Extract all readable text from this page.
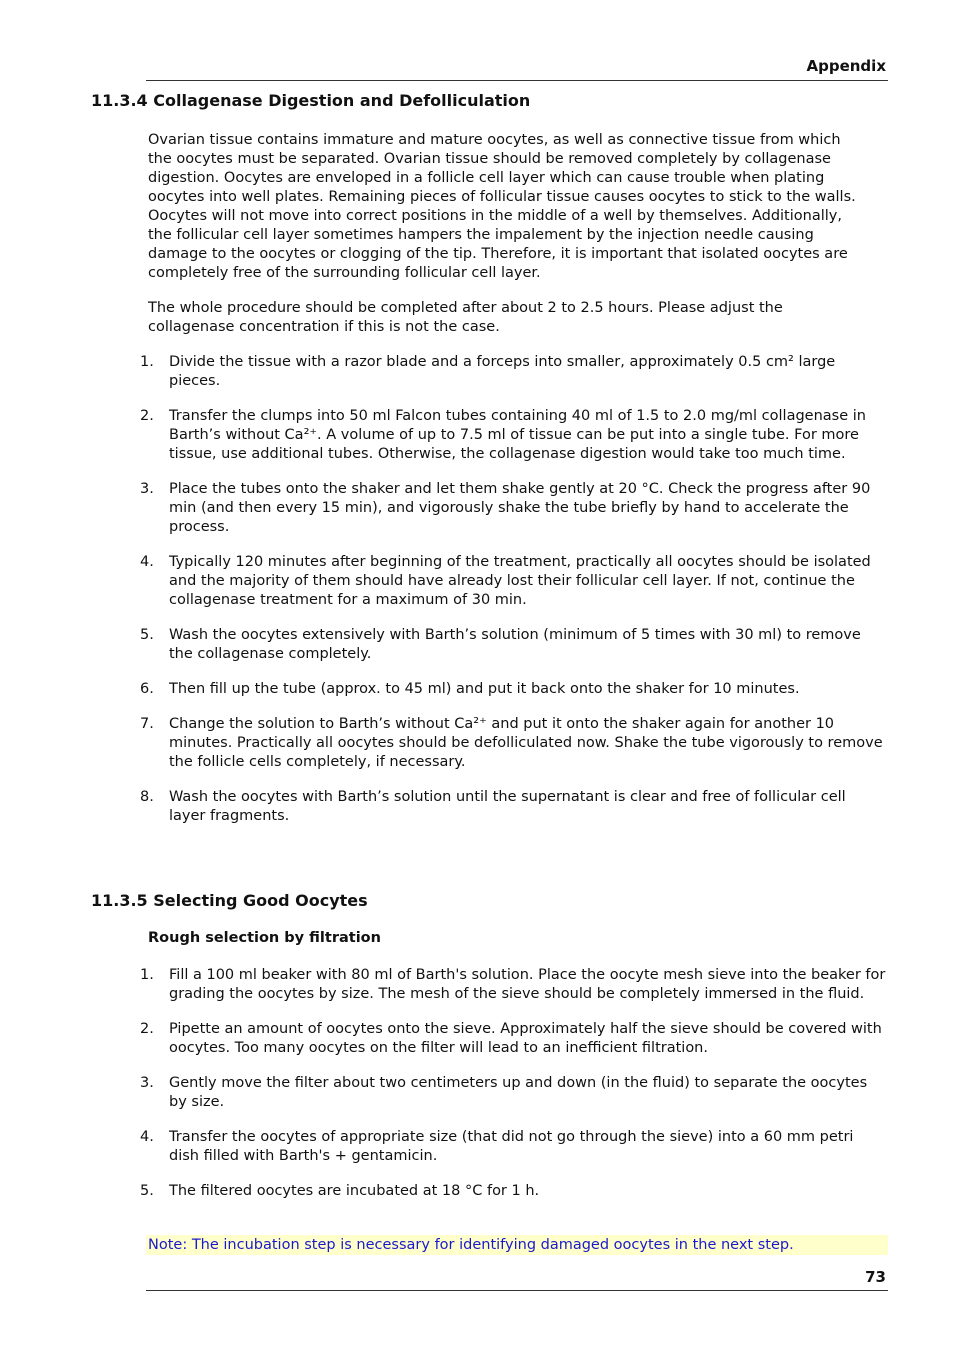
Appendix
11.3.4 Collagenase Digestion and Defolliculation

Ovarian tissue contains immature and mature oocytes, as well as connective tissue from which the oocytes must be separated. Ovarian tissue should be removed completely by collagenase digestion. Oocytes are enveloped in a follicle cell layer which can cause trouble when plating oocytes into well plates. Remaining pieces of follicular tissue causes oocytes to stick to the walls. Oocytes will not move into correct positions in the middle of a well by themselves. Additionally, the follicular cell layer sometimes hampers the impalement by the injection needle causing damage to the oocytes or clogging of the tip. Therefore, it is important that isolated oocytes are completely free of the surrounding follicular cell layer.

The whole procedure should be completed after about 2 to 2.5 hours. Please adjust the collagenase concentration if this is not the case.

1. Divide the tissue with a razor blade and a forceps into smaller, approximately 0.5 cm² large pieces.
2. Transfer the clumps into 50 ml Falcon tubes containing 40 ml of 1.5 to 2.0 mg/ml collagenase in Barth’s without Ca²⁺. A volume of up to 7.5 ml of tissue can be put into a single tube. For more tissue, use additional tubes. Otherwise, the collagenase digestion would take too much time.
3. Place the tubes onto the shaker and let them shake gently at 20 °C. Check the progress after 90 min (and then every 15 min), and vigorously shake the tube briefly by hand to accelerate the process.
4. Typically 120 minutes after beginning of the treatment, practically all oocytes should be isolated and the majority of them should have already lost their follicular cell layer. If not, continue the collagenase treatment for a maximum of 30 min.
5. Wash the oocytes extensively with Barth’s solution (minimum of 5 times with 30 ml) to remove the collagenase completely.
6. Then fill up the tube (approx. to 45 ml) and put it back onto the shaker for 10 minutes.
7. Change the solution to Barth’s without Ca²⁺ and put it onto the shaker again for another 10 minutes. Practically all oocytes should be defolliculated now. Shake the tube vigorously to remove the follicle cells completely, if necessary.
8. Wash the oocytes with Barth’s solution until the supernatant is clear and free of follicular cell layer fragments.
11.3.5 Selecting Good Oocytes
Rough selection by filtration
1. Fill a 100 ml beaker with 80 ml of Barth's solution. Place the oocyte mesh sieve into the beaker for grading the oocytes by size. The mesh of the sieve should be completely immersed in the fluid.
2. Pipette an amount of oocytes onto the sieve. Approximately half the sieve should be covered with oocytes. Too many oocytes on the filter will lead to an inefficient filtration.
3. Gently move the filter about two centimeters up and down (in the fluid) to separate the oocytes by size.
4. Transfer the oocytes of appropriate size (that did not go through the sieve) into a 60 mm petri dish filled with Barth's + gentamicin.
5. The filtered oocytes are incubated at 18 °C for 1 h.
Note: The incubation step is necessary for identifying damaged oocytes in the next step.
73
